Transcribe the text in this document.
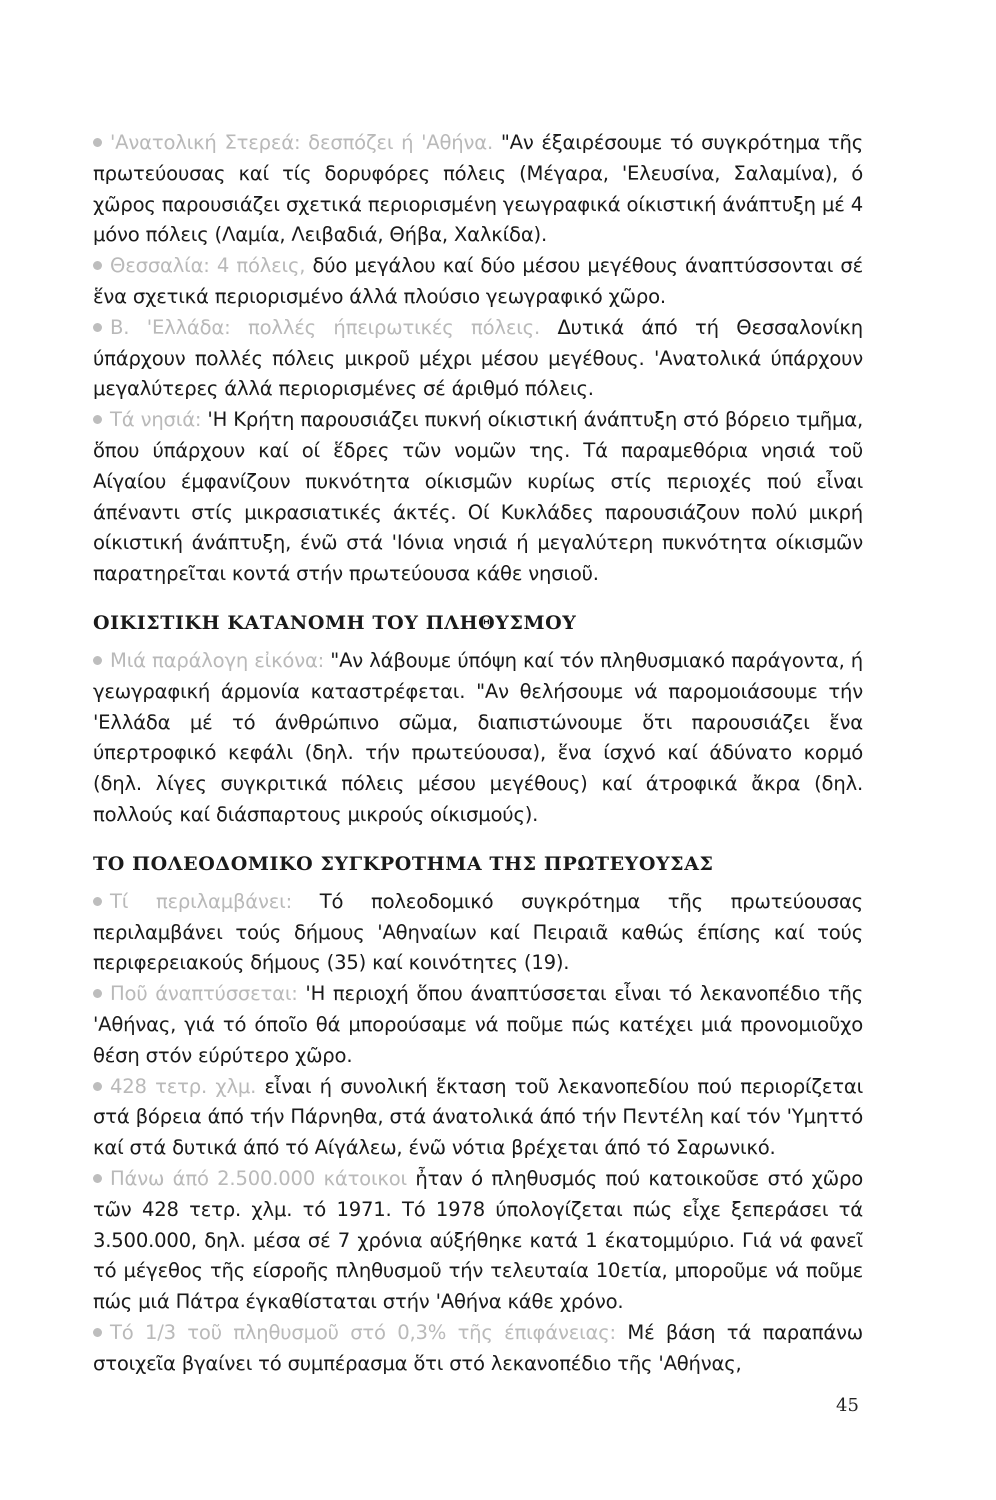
'Ανατολική Στερεά: δεσπόζει ή 'Αθήνα. "Αν έξαιρέσουμε τό συγκρότημα τῆς πρωτεύουσας καί τίς δορυφόρες πόλεις (Μέγαρα, 'Ελευσίνα, Σαλαμίνα), ό χῶρος παρουσιάζει σχετικά περιορισμένη γεωγραφικά οίκιστική άνάπτυξη μέ 4 μόνο πόλεις (Λαμία, Λειβαδιά, Θήβα, Χαλκίδα).

Θεσσαλία: 4 πόλεις, δύο μεγάλου καί δύο μέσου μεγέθους άναπτύσσονται σέ ἕνα σχετικά περιορισμένο άλλά πλούσιο γεωγραφικό χῶρο.

Β. 'Ελλάδα: πολλές ήπειρωτικές πόλεις. Δυτικά άπό τή Θεσσαλονίκη ύπάρχουν πολλές πόλεις μικροῦ μέχρι μέσου μεγέθους. 'Ανατολικά ύπάρχουν μεγαλύτερες άλλά περιορισμένες σέ άριθμό πόλεις.

Τά νησιά: 'Η Κρήτη παρουσιάζει πυκνή οίκιστική άνάπτυξη στό βόρειο τμῆμα, ὅπου ύπάρχουν καί οί ἕδρες τῶν νομῶν της. Τά παραμεθόρια νησιά τοῦ Αίγαίου έμφανίζουν πυκνότητα οίκισμῶν κυρίως στίς περιοχές πού εἶναι άπέναντι στίς μικρασιατικές άκτές. Οί Κυκλάδες παρουσιάζουν πολύ μικρή οίκιστική άνάπτυξη, ένῶ στά 'Ιόνια νησιά ή μεγαλύτερη πυκνότητα οίκισμῶν παρατηρεῖται κοντά στήν πρωτεύουσα κάθε νησιοῦ.

ΟΙΚΙΣΤΙΚΗ ΚΑΤΑΝΟΜΗ ΤΟΥ ΠΛΗΘΥΣΜΟΥ

Μιά παράλογη εἰκόνα: "Αν λάβουμε ύπόψη καί τόν πληθυσμιακό παράγοντα, ή γεωγραφική άρμονία καταστρέφεται. "Αν θελήσουμε νά παρομοιάσουμε τήν 'Ελλάδα μέ τό άνθρώπινο σῶμα, διαπιστώνουμε ὅτι παρουσιάζει ἕνα ύπερτροφικό κεφάλι (δηλ. τήν πρωτεύουσα), ἕνα ίσχνό καί άδύνατο κορμό (δηλ. λίγες συγκριτικά πόλεις μέσου μεγέθους) καί άτροφικά ἄκρα (δηλ. πολλούς καί διάσπαρτους μικρούς οίκισμούς).

ΤΟ ΠΟΛΕΟΔΟΜΙΚΟ ΣΥΓΚΡΟΤΗΜΑ ΤΗΣ ΠΡΩΤΕΥΟΥΣΑΣ

Τί περιλαμβάνει: Τό πολεοδομικό συγκρότημα τῆς πρωτεύουσας περιλαμβάνει τούς δήμους 'Αθηναίων καί Πειραιᾶ καθώς έπίσης καί τούς περιφερειακούς δήμους (35) καί κοινότητες (19).

Ποῦ άναπτύσσεται: 'Η περιοχή ὅπου άναπτύσσεται εἶναι τό λεκανοπέδιο τῆς 'Αθήνας, γιά τό όποῖο θά μπορούσαμε νά ποῦμε πώς κατέχει μιά προνομιοῦχο θέση στόν εύρύτερο χῶρο.

428 τετρ. χλμ. εἶναι ή συνολική ἕκταση τοῦ λεκανοπεδίου πού περιορίζεται στά βόρεια άπό τήν Πάρνηθα, στά άνατολικά άπό τήν Πεντέλη καί τόν 'Υμηττό καί στά δυτικά άπό τό Αίγάλεω, ένῶ νότια βρέχεται άπό τό Σαρωνικό.

Πάνω άπό 2.500.000 κάτοικοι ἦταν ό πληθυσμός πού κατοικοῦσε στό χῶρο τῶν 428 τετρ. χλμ. τό 1971. Τό 1978 ύπολογίζεται πώς εἶχε ξεπεράσει τά 3.500.000, δηλ. μέσα σέ 7 χρόνια αύξήθηκε κατά 1 έκατομμύριο. Γιά νά φανεῖ τό μέγεθος τῆς είσροῆς πληθυσμοῦ τήν τελευταία 10ετία, μποροῦμε νά ποῦμε πώς μιά Πάτρα έγκαθίσταται στήν 'Αθήνα κάθε χρόνο.

Τό 1/3 τοῦ πληθυσμοῦ στό 0,3% τῆς έπιφάνειας: Μέ βάση τά παραπάνω στοιχεῖα βγαίνει τό συμπέρασμα ὅτι στό λεκανοπέδιο τῆς 'Αθήνας,

45
